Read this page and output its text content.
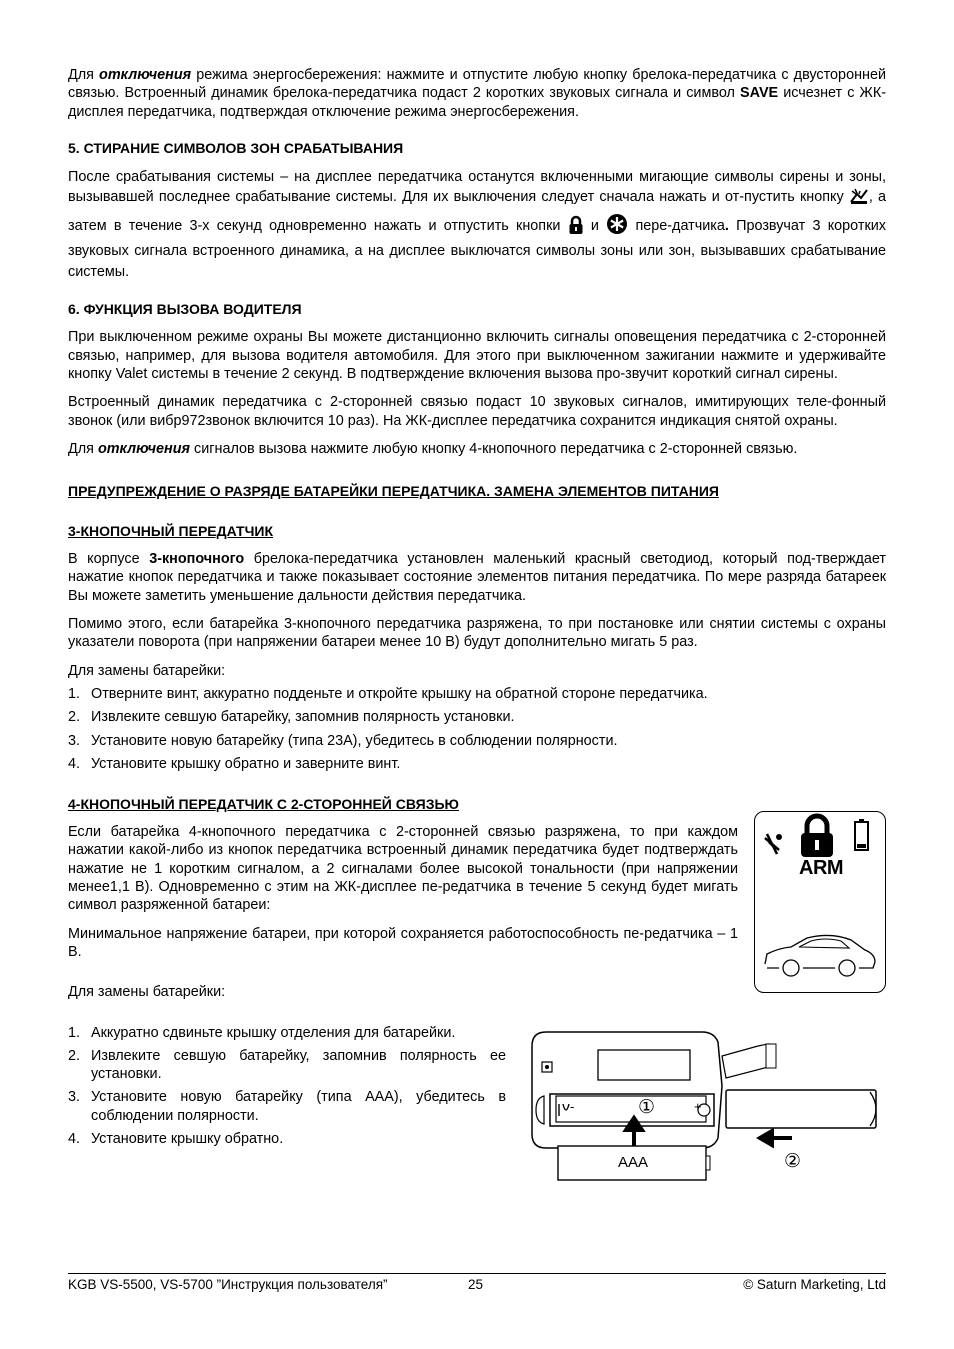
Для отключения режима энергосбережения: нажмите и отпустите любую кнопку брелока-передатчика с двусторонней связью. Встроенный динамик брелока-передатчика подаст 2 коротких звуковых сигнала и символ SAVE исчезнет с ЖК-дисплея передатчика, подтверждая отключение режима энергосбережения.

5. СТИРАНИЕ СИМВОЛОВ ЗОН СРАБАТЫВАНИЯ

После срабатывания системы – на дисплее передатчика останутся включенными мигающие символы сирены и зоны, вызывавшей последнее срабатывание системы. Для их выключения следует сначала нажать и от-пустить кнопку , а затем в течение 3-х секунд одновременно нажать и отпустить кнопки  и  пере-датчика. Прозвучат 3 коротких звуковых сигнала встроенного динамика, а на дисплее выключатся символы зоны или зон, вызывавших срабатывание системы.

6. ФУНКЦИЯ ВЫЗОВА ВОДИТЕЛЯ

При выключенном режиме охраны Вы можете дистанционно включить сигналы оповещения передатчика с 2-сторонней связью, например, для вызова водителя автомобиля. Для этого при выключенном зажигании нажмите и удерживайте кнопку Valet системы в течение 2 секунд. В подтверждение включения вызова про-звучит короткий сигнал сирены.

Встроенный динамик передатчика с 2-сторонней связью подаст 10 звуковых сигналов, имитирующих теле-фонный звонок (или вибр972звонок включится 10 раз). На ЖК-дисплее передатчика сохранится индикация снятой охраны.

Для отключения сигналов вызова нажмите любую кнопку 4-кнопочного передатчика с 2-сторонней связью.

ПРЕДУПРЕЖДЕНИЕ О РАЗРЯДЕ БАТАРЕЙКИ ПЕРЕДАТЧИКА. ЗАМЕНА ЭЛЕМЕНТОВ ПИТАНИЯ
3-КНОПОЧНЫЙ ПЕРЕДАТЧИК

В корпусе 3-кнопочного брелока-передатчика установлен маленький красный светодиод, который под-тверждает нажатие кнопок передатчика и также показывает состояние элементов питания передатчика. По мере разряда батареек Вы можете заметить уменьшение дальности действия передатчика.

Помимо этого, если батарейка 3-кнопочного передатчика разряжена, то при постановке или снятии системы с охраны указатели поворота (при напряжении батареи менее 10 В) будут дополнительно мигать 5 раз.

Для замены батарейки:

1. Отверните винт, аккуратно подденьте и откройте крышку на обратной стороне передатчика.
2. Извлеките севшую батарейку, запомнив полярность установки.
3. Установите новую батарейку (типа 23А), убедитесь в соблюдении полярности.
4. Установите крышку обратно и заверните винт.
4-КНОПОЧНЫЙ ПЕРЕДАТЧИК С 2-СТОРОННЕЙ СВЯЗЬЮ

Если батарейка 4-кнопочного передатчика с 2-сторонней связью разряжена, то при каждом нажатии какой-либо из кнопок передатчика встроенный динамик передатчика будет подтверждать нажатие не 1 коротким сигналом, а 2 сигналами более высокой тональности (при напряжении менее1,1 В). Одновременно с этим на ЖК-дисплее пе-редатчика в течение 5 секунд будет мигать символ разряженной батареи:

Минимальное напряжение батареи, при которой сохраняется работоспособность пе-редатчика – 1 В.

Для замены батарейки:

ARM
1. Аккуратно сдвиньте крышку отделения для батарейки.
2. Извлеките севшую батарейку, запомнив полярность ее установки.
3. Установите новую батарейку (типа ААА), убедитесь в соблюдении полярности.
4. Установите крышку обратно.
-	+
①
AAA	②
KGB VS-5500, VS-5700 ”Инструкция пользователя”	25	© Saturn Marketing, Ltd
